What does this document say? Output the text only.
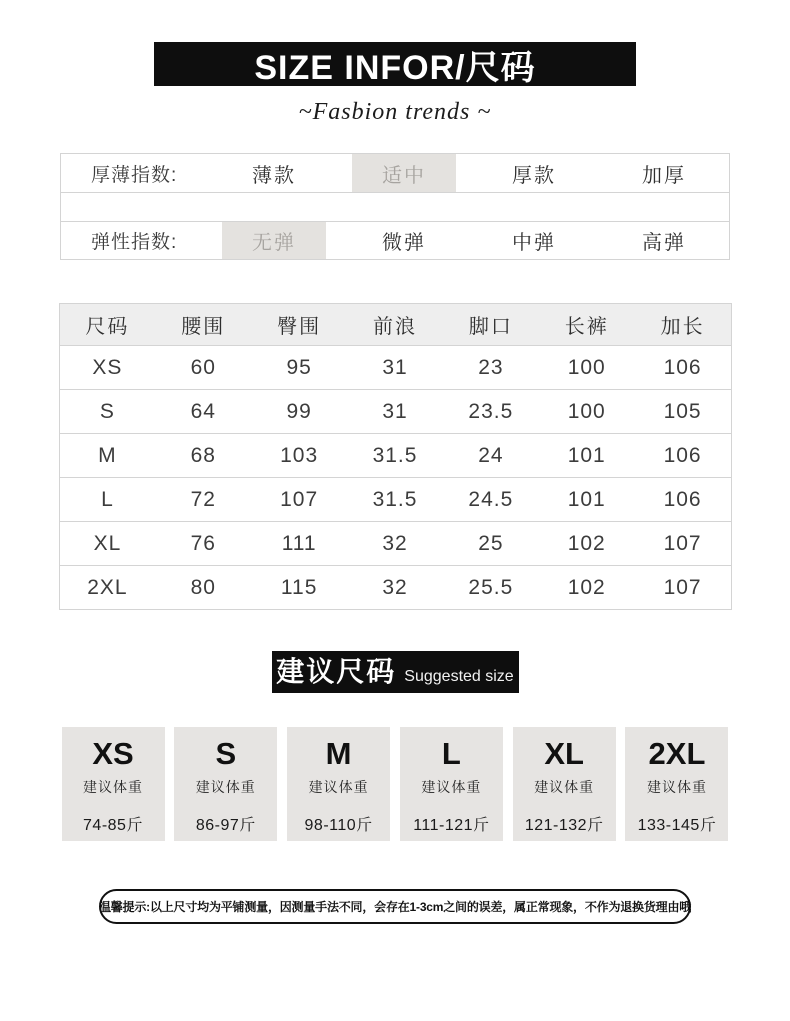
SIZE INFOR/尺码
~Fasbion trends ~
厚薄指数:	薄款	适中	厚款	加厚
弹性指数:	无弹	微弹	中弹	高弹
尺码	腰围	臀围	前浪	脚口	长裤	加长
XS	60	95	31	23	100	106
S	64	99	31	23.5	100	105
M	68	103	31.5	24	101	106
L	72	107	31.5	24.5	101	106
XL	76	111	32	25	102	107
2XL	80	115	32	25.5	102	107
建议尺码 Suggested size
XS
建议体重
74-85斤
S
建议体重
86-97斤
M
建议体重
98-110斤
L
建议体重
111-121斤
XL
建议体重
121-132斤
2XL
建议体重
133-145斤
温馨提示:以上尺寸均为平铺测量，因测量手法不同，会存在1-3cm之间的误差，属正常现象，不作为退换货理由哦
